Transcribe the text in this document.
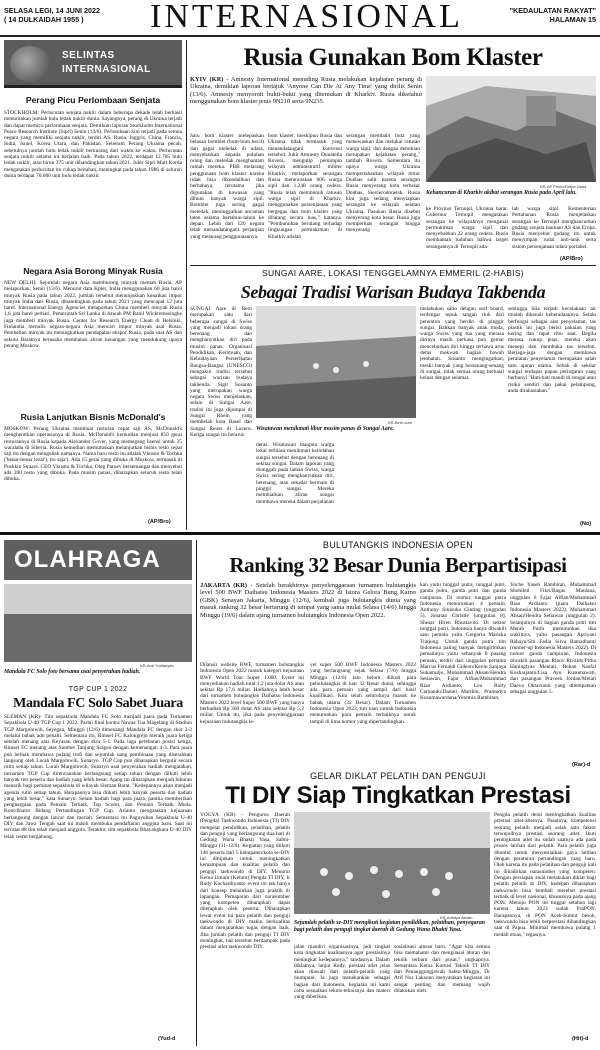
SELASA LEGI, 14 JUNI 2022
( 14 DULKAIDAH 1955 )	INTERNASIONAL	"KEDAULATAN RAKYAT"
HALAMAN 15
SELINTAS
INTERNASIONAL
Perang Picu Perlombaan Senjata
STOCKHOLM: Perlucutan senjata nuklir dalam beberapa dekade telah berhasil menurunkan jumlah hulu ledak nuklir dunia. Sayangnya, perang di Ukraina terjadi dan dapat memicu perlombaan senjata. Demikian laporan Stockholm International Peace Research Institute (Sipri) Senin (13/6). Perlombaan kini terjadi pada semua negara yang memiliki senjata nuklir, terdiri AS, Rusia, Inggris, China, Francis, India, Israel, Korea Utara, dan Pakistan. Sebelum Perang Ukraina pecah, sebetulnya jumlah hulu ledak nuklir berkurang dari waktu ke waktu. Perlucutan senjata nuklir selama ini berjalan baik. Pada tahun 2022, terdapat 12.705 hulu ledak nuklir, atau turun 375 unit dibandingkan tahun 2021. Jubir Sipri Matt Korda mengatakan perlucutan itu cukup bertahan, meningkat pada tahun 1986 di seluruh dunia terdapat 70.000 unit hulu ledak nuklir.
Negara Asia Borong Minyak Rusia
NEW DELHI: Sejumlah negara Asia memborong minyak mentah Rusia, AP melaporkan, Senin (13/6). Menurut data Kpler, India menggunakan 60 juta barel minyak Rusia pada tahun 2022, jumlah tersebut menunjukkan kenaikan impor minyak India dari Rusia, dibandingkan pada tahun 2021 yang mencapai 12 juta barel. International Energy Agencies melaporkan China membeli minyak Rusia 1,6 juta barel perhari. Pemerintah Sri Lanka di bawah PM Ranil Wickremesinghe juga membeli minyak Rusia. Center for Research Energy Clean di Helsinki, Finlandia menulis negara-negara Asia mencari impor minyak asal Rusia. Pembelian minyak itu meningkatkan pendapatan ekspor Rusia, pada saat AS dan sekutu Baratnya berusaha membatasi aliran keuangan yang mendukung upaya perang Moskow.
Rusia Lanjutkan Bisnis McDonald's
MOSKOW: Perang Ukraina membuat restoran cepat saji AS, McDonald's menghentikan operasionya di Rusia. McDonald's kemudian menjual 850 gerai restorannya di Rusia kepada Alexander Gover, yang memegang lisensi untuk 25 waralaba di Siberia. Rusia kemudian memutuskan melanjutkan bisnis resto cepat saji itu dengan mengubah namanya. Nama baru resto itu adalah Vkusno & Tochka ('benar-benar lezat'), itu saja'). Ada 15 gerai yang dibuka di Moskow, termasuk di Pushkin Square. CEO Vkusno & Tochka, Oleg Paroev bersemangat dan menyebut ada 200 resto yang dibuka. Pada musim panas, diharapkan seluruh resto telah dibuka.
(AP/Bro)
Rusia Gunakan Bom Klaster
KYIV (KR) - Amnesty International menuding Rusia melakukan kejahatan perang di Ukraina, demikian laporan bertajuk 'Anyone Can Die At Any Time' yang dirilis Senin (13/6). Amnesty menyoroti bukti-bukti yang ditemukan di Kharkiv. Rusia diketahui menggunakan bom klaster jenis 9N210 serta 9N235.
Satu bom klaster melepaskan belasan bomblet (bom-bom kecil) dan gagal meledak di udara, menyebarkan kepada puluhan orang dan meledak menghantam rumah mereka. PBB melarang penggunaan bom klaster karena tidak bisa dikendalikan dan berbahaya, terutama jika digunakan di kawasan yang dihuni banyak warga sipil. Bomblet juga sering gagal meledak, meninggalkan ancaman laten selama bertahun-tahun ke depan. Lebih dari 120 negara telah menandatangani perjanjian yang melarang penggunaannya.
bom klaster, meskipun Rusia dan Ukraina tidak termasuk yang menandatangani konvensi tersebut. Jubir Amnesty Donatella Rovera, mengutip pemimpin wilayah administratif militer Kharkiv, melaporkan serangan Rusia menewaskan 606 warga sipil dan 1.248 orang cedera. "Rusia telah membunuh ratusan warga sipil di Kharkiv, menggunakan persenjataan yang bergegas dan bom klaster yang dilarang secara luas," katanya. "Pembunuhan berulang terhadap lingkungan permukiman di Kharkiv adalah
serangan membabi buta yang menewaskan dan melukai ratusan warga sipil, dan dengan demikian merupakan kejahatan perang," tambah Rovera. Sementara itu upaya warga Ukraina mempertahankan wilayah timur Donbas sulit karena serangan Rusia menyerang kota terbesar Donbas, Sievierodonetsk. Rusia kini juga sedang menyiapkan serangan ke wilayah selatan Ukraina. Pasukan Rusia disebut menyerang kota besar. Rusia juga memperluas serangan hingga menyerang
KR-AP Photo/Felipe Dana
Kehancuran di Kharkiv akibat serangan Rusia pada April lalu.
ke Provinsi Ternopil, Ukraina barat. Gubernur Ternopil mengatakan serangan ke wilayahnya menganai permukiman warga sipil dan menyebabkan 22 orang cedera. Rusia membantah tuduhan bahwa target serangannya di Ternopil ada-
lah warga sipil. Kementerian Pertahanan Rusia menjelaskan serangan ke Ternopil menghancurkan gudang senjata bantuan AS dan Eropa. Rusia menyebut gudang itu untuk menyimpan rudal anti-tank serta sistem persenjataan udara portabel.
(AP/Bro)
SUNGAI AARE, LOKASI TENGGELAMNYA EMMERIL (2-HABIS)
Sebagai Tradisi Warisan Budaya Takbenda
SUNGAI Aare di Bern merupakan satu dari beberapa sungai di Swiss yang menjadi lokasi orang berenang dan menghanyutkan diri pada musim panas. Organisasi Pendidikan, Keilmuan, dan Kebudayaan Perserikatan Bangsa-Bangsa (UNESCO) mengakui tradisi tersebut sebagai warisan budaya takbenda. Sigit Susanto yang merupakan warga negara Swiss menjelaskan, selain di Sungai Aare, tradisi itu juga dijumpai di Sungai Rhein yang membelah kota Basel dan Sungai Reuss di Luzern. Ketiga sungai itu berarus
KR-Bern.com
Wisatawan menikmati libur musim panas di Sungai Aare.
deras. Wisatawan maupun warga lokal terbiasa menikmati keindahan sungai tersebut dengan berenang di sekitar sungai. Dalam laporan yang diunggah pada laman Swiss, warga Swiss sering menghanyutkan diri, berenang, atau sekadar bermain di pinggir sungai. Mereka membiarkan aliran sungai membawa mereka dalam perjalanan
melakukan salto dengan surf board, terdengar tepuk tangan riuh dari penonton yang berdiri di pinggir sungai. Bahkan banyak anak muda, warga Swiss yang tua yang merasa dirinya masih perkasa pun gemar menceburkan diri hingga terbawa arus deras mekwati bagian bawah jembatan. Susanto mengingatkan, meski banyak yang bersenang-senang di sungai, tidak semua orang berhasil keluar dengan selamat.
sehingga bila terjadi kecelakaan air mudah dikenali keberadaannya. Selain berfungsi sebagai alat penyelamat, tas plastik itu juga berisi pakaian yang kering dan rapat ribu saat. Begitu merasa cukup puas, mereka akan menepi dan membuka tas tersebut. Berjaga-jaga dengan membawa peralatan penyelamat merupakan salah satu ajaran utama. Sebab di sekitar sungai terdapat papan peringatan yang berbunyi "Hati-hati mandi di sungai atau risiko sendiri dan pakai pelampung, anda dirahasiakan."
(No)
OLAHRAGA
KR-Ardi Yudianyah
Mandala FC Solo foto bersama usai penyerahan hadiah.
TGP CUP 1 2022
Mandala FC Solo Sabet Juara
SLEMAN (KR)- Tim sepakbola Mandala FC Solo menjadi juara pada Turnamen Sepakbola U-40 TGP Cup 1 2022. Partai final kontra Nawas Tua Magelang di Stadion TGP Margoluwih, Seyegan, Minggu (12/6) dimenangi Mandala FC dengan skor 3-2 melalui babak adu penalti. Sementara itu, Bimsel FC Kalongrejo meraih juara ketiga setelah menang atas Keyasan dengan skor 5-1. Pada laga perebutan posisi ketiga, Bimsel FC menang atas Sumber Tanjung Sragen dengan kemenangan 4-3. Para juara pun berhak membawa pulang trofi dan sejumlah uang pembinaan yang diserahkan langsung oleh Lurah Margoluwih, Sunaryo. TGP Cup pun diharapkan bergulir secara rutin setiap tahun. Lurah Margoluwih, Sunaryo usai penyerahan hadiah mengatakan, turnamen TGP Cup direncanakan berlangsung setiap tahun dengan diikuti lebih banyak tim peserta dan hadiah yang lebih besar. Ajang ini diharapkan menjadi hiburan menarik bagi peminat sepakbola di wilayah Sleman Barat. "Kedepannya akan menjadi agenda rutin setiap tahun. Harapannya bisa diikuti lebih banyak peserta dan hadiah yang lebih besar," kata Sunaryo. Selain hadiah bagi para juara, panitia memberikan penghargaan pada Pemain Terbaik, Top Scorer, dan Pemain Terbaik Muda. Koordinator Bidang Pertandingan TGP Cup, Arianto mengatakan kejuaraan berlangsung dengan lancar dan meriah. Sementara itu Paguyuban Sepakbola U-40 DIY dan Jawa Tengah saat ini masih membuka pendaftaran anggota baru. Saat ini tercatat 88 tim telah menjadi anggota. Terakhir, tim sepakbola Bhayangkara U-40 DIY telah resmi bergabung.
(Yud-d
BULUTANGKIS INDONESIA OPEN
Ranking 32 Besar Dunia Berpartisipasi
JAKARTA (KR) - Setelah berakhirnya penyelenggaraan turnamen bulutangkis level 500 BWF Daihatsu Indonesia Masters 2022 di Istora Gelora Bung Karno (GBK) Senayan Jakarta, Minggu (12/6), kembali juga bulutangkis dunia yang masuk ranking 32 besar bertarung di tempat yang sama mulai Selasa (14/6) hingga Minggu (19/6) dalam ajang turnamen bulutangkis Indonesia Open 2022.
Dilansir website BWF, turnamen bulutangkis Indonesia Open 2022 masuk kategori kejuaraan BWF World Tour Super 1.000. Event ini menyediakan hadiah total 1,2 juta dolar AS atau sekitar Rp 17,6 miliar. Hadiahnya lebih besar dari turnamen bulutangkis Daihatsu Indonesia Masters 2022 level Super 500 BWF yang hanya berhadiah Rp 360 dolar AS atau sekitar Rp 5,2 miliar. Untuk itu, jika pada penyelenggaraan kejuaraan bulutangkis le-
vel super 500 BWF Indonesia Masters 2022 yang berlangsung sejak Selasa (7/6) hingga Minggu (12/6) lalu belum diikuti para pebulutangkis di luar 32 Besar dunia, sehingga ada para pemain yang tampil dari hasil kualifikasi. Kini telah seluruhnya masuk ke babak utama (32 Besar). Dalam Turnamen Indonesia Open 2022, tim tuan rumah Indonesia menurunkan para pemain terbaiknya untuk tampil di lima nomor yang dipertandingkan.
kan yaitu tunggal putra, tunggal putri, ganda putra, ganda putri dan ganda campuran. Di nomor tunggal putra Indonesia menurunkan 4 pemain, Anthony Sinisuka Ginting (unggulan 5), Jonatan Christie (unggulan 8), Shesar Hiren Rhustavito. Di sektor tunggal putri, Indonesia hanya diwakili satu pemain yaitu Gregoria Mariska Tunjung. Untuk ganda putra tim Indonesia paling banyak mengirimkan pemainnya yaitu sebanyak 8 pasang pemain, terdiri dari unggulan pertama Marcus Fernaldi Gideon/Kevin Sanjaya Sukamuljo, Mohammad Ahsan/Hendra Setiawan, Fajar Alfian/Muhammad Rian Ardianto, Leo Rolly Carnando/Daniel Marthin, Pramudya Kusumawardana/Yeremia Rambitan.
Yoche Yaseh Rambitan, Muhammad Shohibul Fikri/Bagas Maulana, unggulan 6 Fajar Alfian/Muhammad Rian Ardianto (juara Daihatsu Indonesia Masters 2022), Muhammad Ahsan/Hendra Setiawan (unggulan 2). Selanjutnya di bagian ganda putri tim Merah Putih menurunkan dua wakilnya, yaitu pasangan Apriyani Rahayu/Siti Fadia Silva Ramadhanti (runner-up Indonesia Masters 2022). Di nomor ganda campuran, Indonesia diwakili pasangan Rinov Rivaldy/Pitha Haningtyas Mentari, Rehan Naufal Kusharjanto/Lisa Ayu Kusumawati, dan pasangan Praveen Jordan/Melati Daeva Oktavianti yang ditempatkan sebagai unggulan 5.
(Rar)-d
GELAR DIKLAT PELATIH DAN PENGUJI
TI DIY Siap Tingkatkan Prestasi
YOGYA (KR) - Pengurus Daerah (Pengda) Taekwondo Indonesia (TI) DIY mengelar pendidikan, pelatihan, pelatih dan penguji yang berlangsung dua hari di Gedung Wana Bhakti Yasa, Sabtu-Minggu (11-12/6). Kegiatan yang diikuti 146 peserta dari 5 kabupaten/kota se-DIY ini ditujukan untuk meningkatkan kemampuan dan kualitas pelatih dan penguji taekwondo di DIY. Menurut Ketua Umum (Ketum) Pengda TI DIY, Ir Rudy Kochardiyanto event ini tak hanya dari konsep melainkan juga praktik di lapangan. Pemaparan dari narasumber yang kompeten diharapkan dapat diterapkan oleh peserta. Diharapkan lewat event ini para pelatih dan penguji taekwondo di DIY makin berkualitas dalam menjalankan tugas dengan baik. Jika jumlah pelatih dan penguji TI DIY meningkat, hal tersebut berdampak pada prestasi atlet taekwondo DIY.
KR-Adhitya Asnan
Sejumlah pelatih se-DIY mengikuti kegiatan pendidikan, pelatihan, penyegaran bagi pelatih dan penguji tingkat daerah di Gedung Wana Bhakti Yasa.
jalan mandiri organisasinya, jadi tingkat kota tingkatan kualitasnya agar prestasinya meningkat kedepannya," tandasnya. Dalam diklatnya, lanjut Rudy, prestasi atlet jelas akan diawali dari pelatih-pelatih yang mumpuni. Ia juga menekankan sebagai bagian dari Indonesia, kegiatan ini kami coba sesuaikan teknis-teknisnya dan materi yang diberikan.
sosialisasi aturan baru. "Agar kita semua bisa memahami dan menguasai aturan dan teknik terbaru dari pusat," ungkapnya. Sementara Ketua Komisi Teknik TI DIY dan Penanggungjawab Sabtu-Minggu, Dr Arif Nur Laksono menyatakan kegiatan ini sangat penting dan memang wajib dilakukan oleh
Pengda pelatih demi meningkatkan kualitas prestasi atlet-atletnya. Pasalnya, kompetensi seorang pelatih menjadi salah satu faktor terwujudnya prestasi seorang atlet. Ikuti peningkatan atlet itu sudah saatnya ada pada proses latihan dari pelatih. Para pelatih juga dituntut untuk menyesuaikan gaya latihan dengan peraturan pertandingan yang baru. Oleh karena itu pada pelatihan dan penguji kali ini dihadirkan narasumber yang kompeten. Dengan persiapan awal melakukan diklat bagi pelatih pelatih di DIY, kedepan diharapkan taekwondo bisa kembali merebut prestasi terbaik di level nasional, khususnya pada ajang PON. Menuju PON ini tinggal setahun lagi karena tahun 2023 sudah PraPON. Harapannya, di PON Aceh-Sumut besok, taekwondo bisa lebih berprestasi dibandingkan saat di Papua. Minimal membawa pulang 1 medali emas," tegasnya.
(Hit)-d
